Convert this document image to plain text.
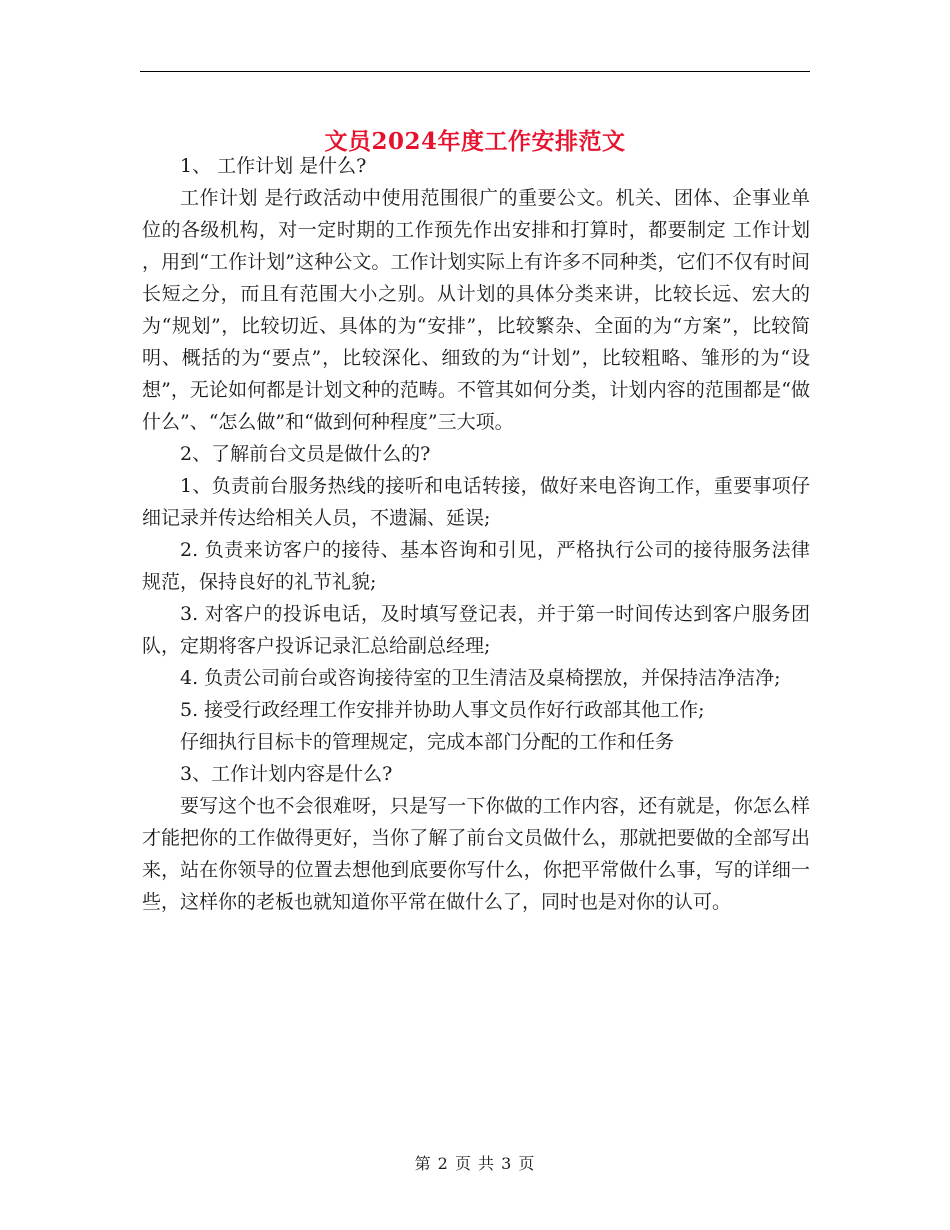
文员2024年度工作安排范文

1、 工作计划 是什么?

工作计划 是行政活动中使用范围很广的重要公文。机关、团体、企事业单位的各级机构，对一定时期的工作预先作出安排和打算时，都要制定 工作计划 ，用到“工作计划”这种公文。工作计划实际上有许多不同种类，它们不仅有时间长短之分，而且有范围大小之别。从计划的具体分类来讲，比较长远、宏大的为“规划”，比较切近、具体的为“安排”，比较繁杂、全面的为“方案”，比较简明、概括的为“要点”，比较深化、细致的为“计划”，比较粗略、雏形的为“设想”，无论如何都是计划文种的范畴。不管其如何分类，计划内容的范围都是“做什么”、“怎么做”和“做到何种程度”三大项。

2、了解前台文员是做什么的?

1、负责前台服务热线的接听和电话转接，做好来电咨询工作，重要事项仔细记录并传达给相关人员，不遗漏、延误;

2. 负责来访客户的接待、基本咨询和引见，严格执行公司的接待服务法律规范，保持良好的礼节礼貌;

3. 对客户的投诉电话，及时填写登记表，并于第一时间传达到客户服务团队，定期将客户投诉记录汇总给副总经理;

4. 负责公司前台或咨询接待室的卫生清洁及桌椅摆放，并保持洁净洁净;

5. 接受行政经理工作安排并协助人事文员作好行政部其他工作;

仔细执行目标卡的管理规定，完成本部门分配的工作和任务

3、工作计划内容是什么?

要写这个也不会很难呀，只是写一下你做的工作内容，还有就是，你怎么样才能把你的工作做得更好，当你了解了前台文员做什么，那就把要做的全部写出来，站在你领导的位置去想他到底要你写什么，你把平常做什么事，写的详细一些，这样你的老板也就知道你平常在做什么了，同时也是对你的认可。

第 2 页 共 3 页
